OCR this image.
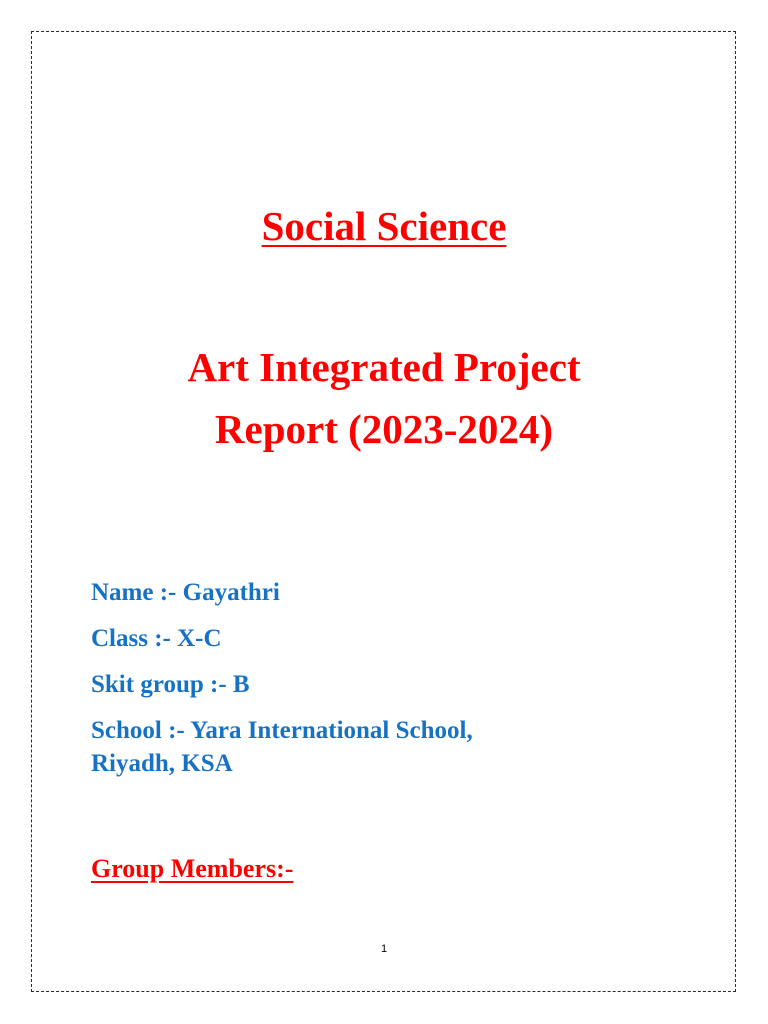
Social Science
Art Integrated Project
Report (2023-2024)
Name :- Gayathri
Class :- X-C
Skit group :- B
School :- Yara International School,
Riyadh, KSA
Group Members:-
1
